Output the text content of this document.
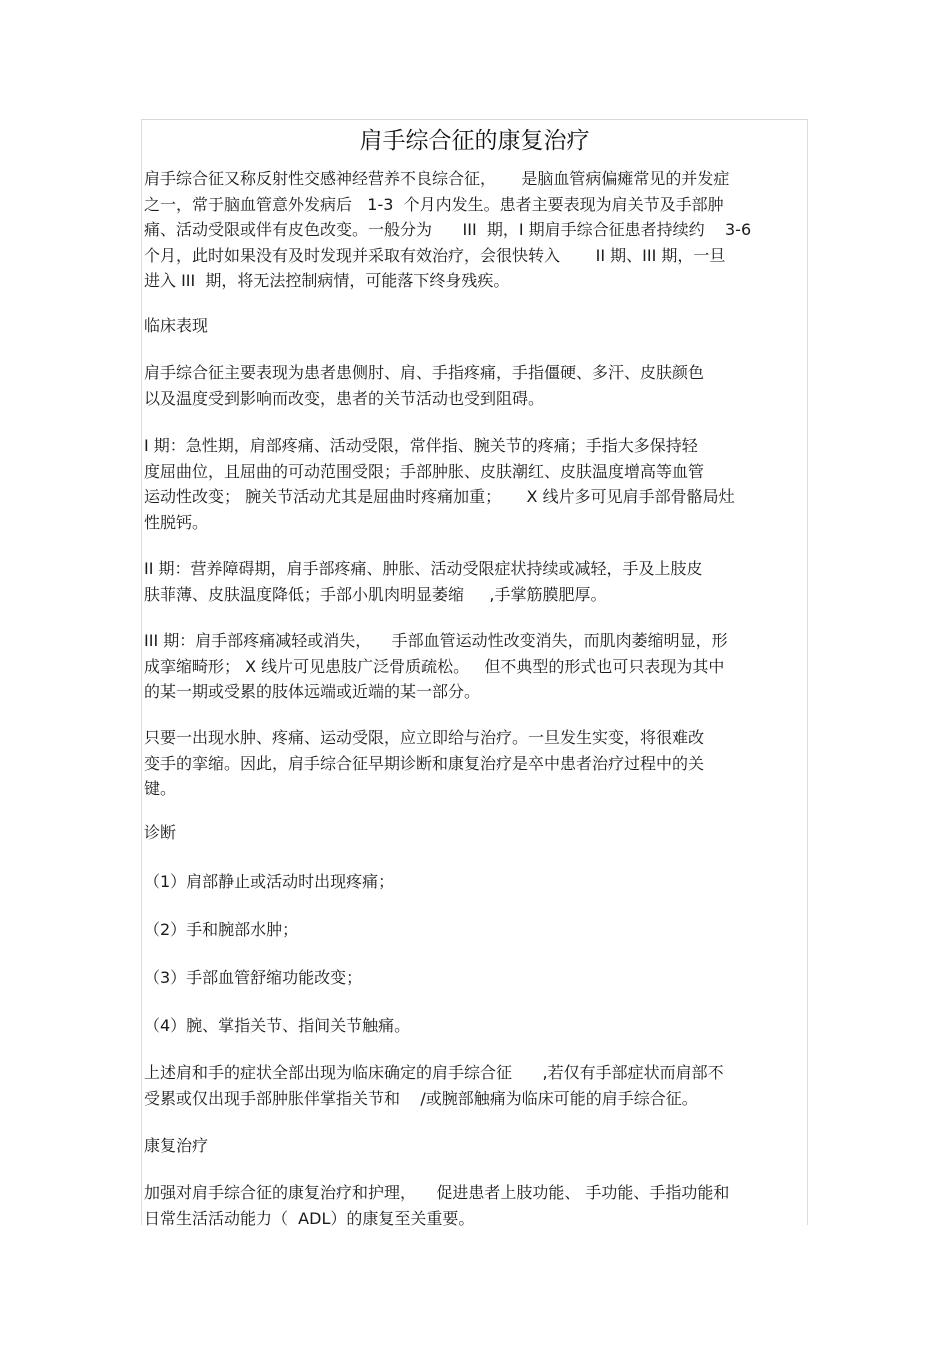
肩手综合征的康复治疗
肩手综合征又称反射性交感神经营养不良综合征，     是脑血管病偏瘫常见的并发症
之一，常于脑血管意外发病后   1-3  个月内发生。患者主要表现为肩关节及手部肿
痛、活动受限或伴有皮色改变。一般分为      III  期，I 期肩手综合征患者持续约    3-6
个月，此时如果没有及时发现并采取有效治疗，会很快转入       II 期、III 期，一旦
进入 III  期，将无法控制病情，可能落下终身残疾。
临床表现
肩手综合征主要表现为患者患侧肘、肩、手指疼痛，手指僵硬、多汗、皮肤颜色
以及温度受到影响而改变，患者的关节活动也受到阻碍。
I 期：急性期，肩部疼痛、活动受限，常伴指、腕关节的疼痛；手指大多保持轻
度屈曲位，且屈曲的可动范围受限；手部肿胀、皮肤潮红、皮肤温度增高等血管
运动性改变； 腕关节活动尤其是屈曲时疼痛加重；     X 线片多可见肩手部骨骼局灶
性脱钙。
II 期：营养障碍期，肩手部疼痛、肿胀、活动受限症状持续或减轻，手及上肢皮
肤菲薄、皮肤温度降低；手部小肌肉明显萎缩     ,手掌筋膜肥厚。
III 期：肩手部疼痛减轻或消失，    手部血管运动性改变消失，而肌肉萎缩明显，形
成挛缩畸形； X 线片可见患肢广泛骨质疏松。   但不典型的形式也可只表现为其中
的某一期或受累的肢体远端或近端的某一部分。
只要一出现水肿、疼痛、运动受限，应立即给与治疗。一旦发生实变，将很难改
变手的挛缩。因此，肩手综合征早期诊断和康复治疗是卒中患者治疗过程中的关
键。
诊断
（1）肩部静止或活动时出现疼痛；
（2）手和腕部水肿；
（3）手部血管舒缩功能改变；
（4）腕、掌指关节、指间关节触痛。
上述肩和手的症状全部出现为临床确定的肩手综合征      ,若仅有手部症状而肩部不
受累或仅出现手部肿胀伴掌指关节和    /或腕部触痛为临床可能的肩手综合征。
康复治疗
加强对肩手综合征的康复治疗和护理，    促进患者上肢功能、 手功能、手指功能和
日常生活活动能力（  ADL）的康复至关重要。
